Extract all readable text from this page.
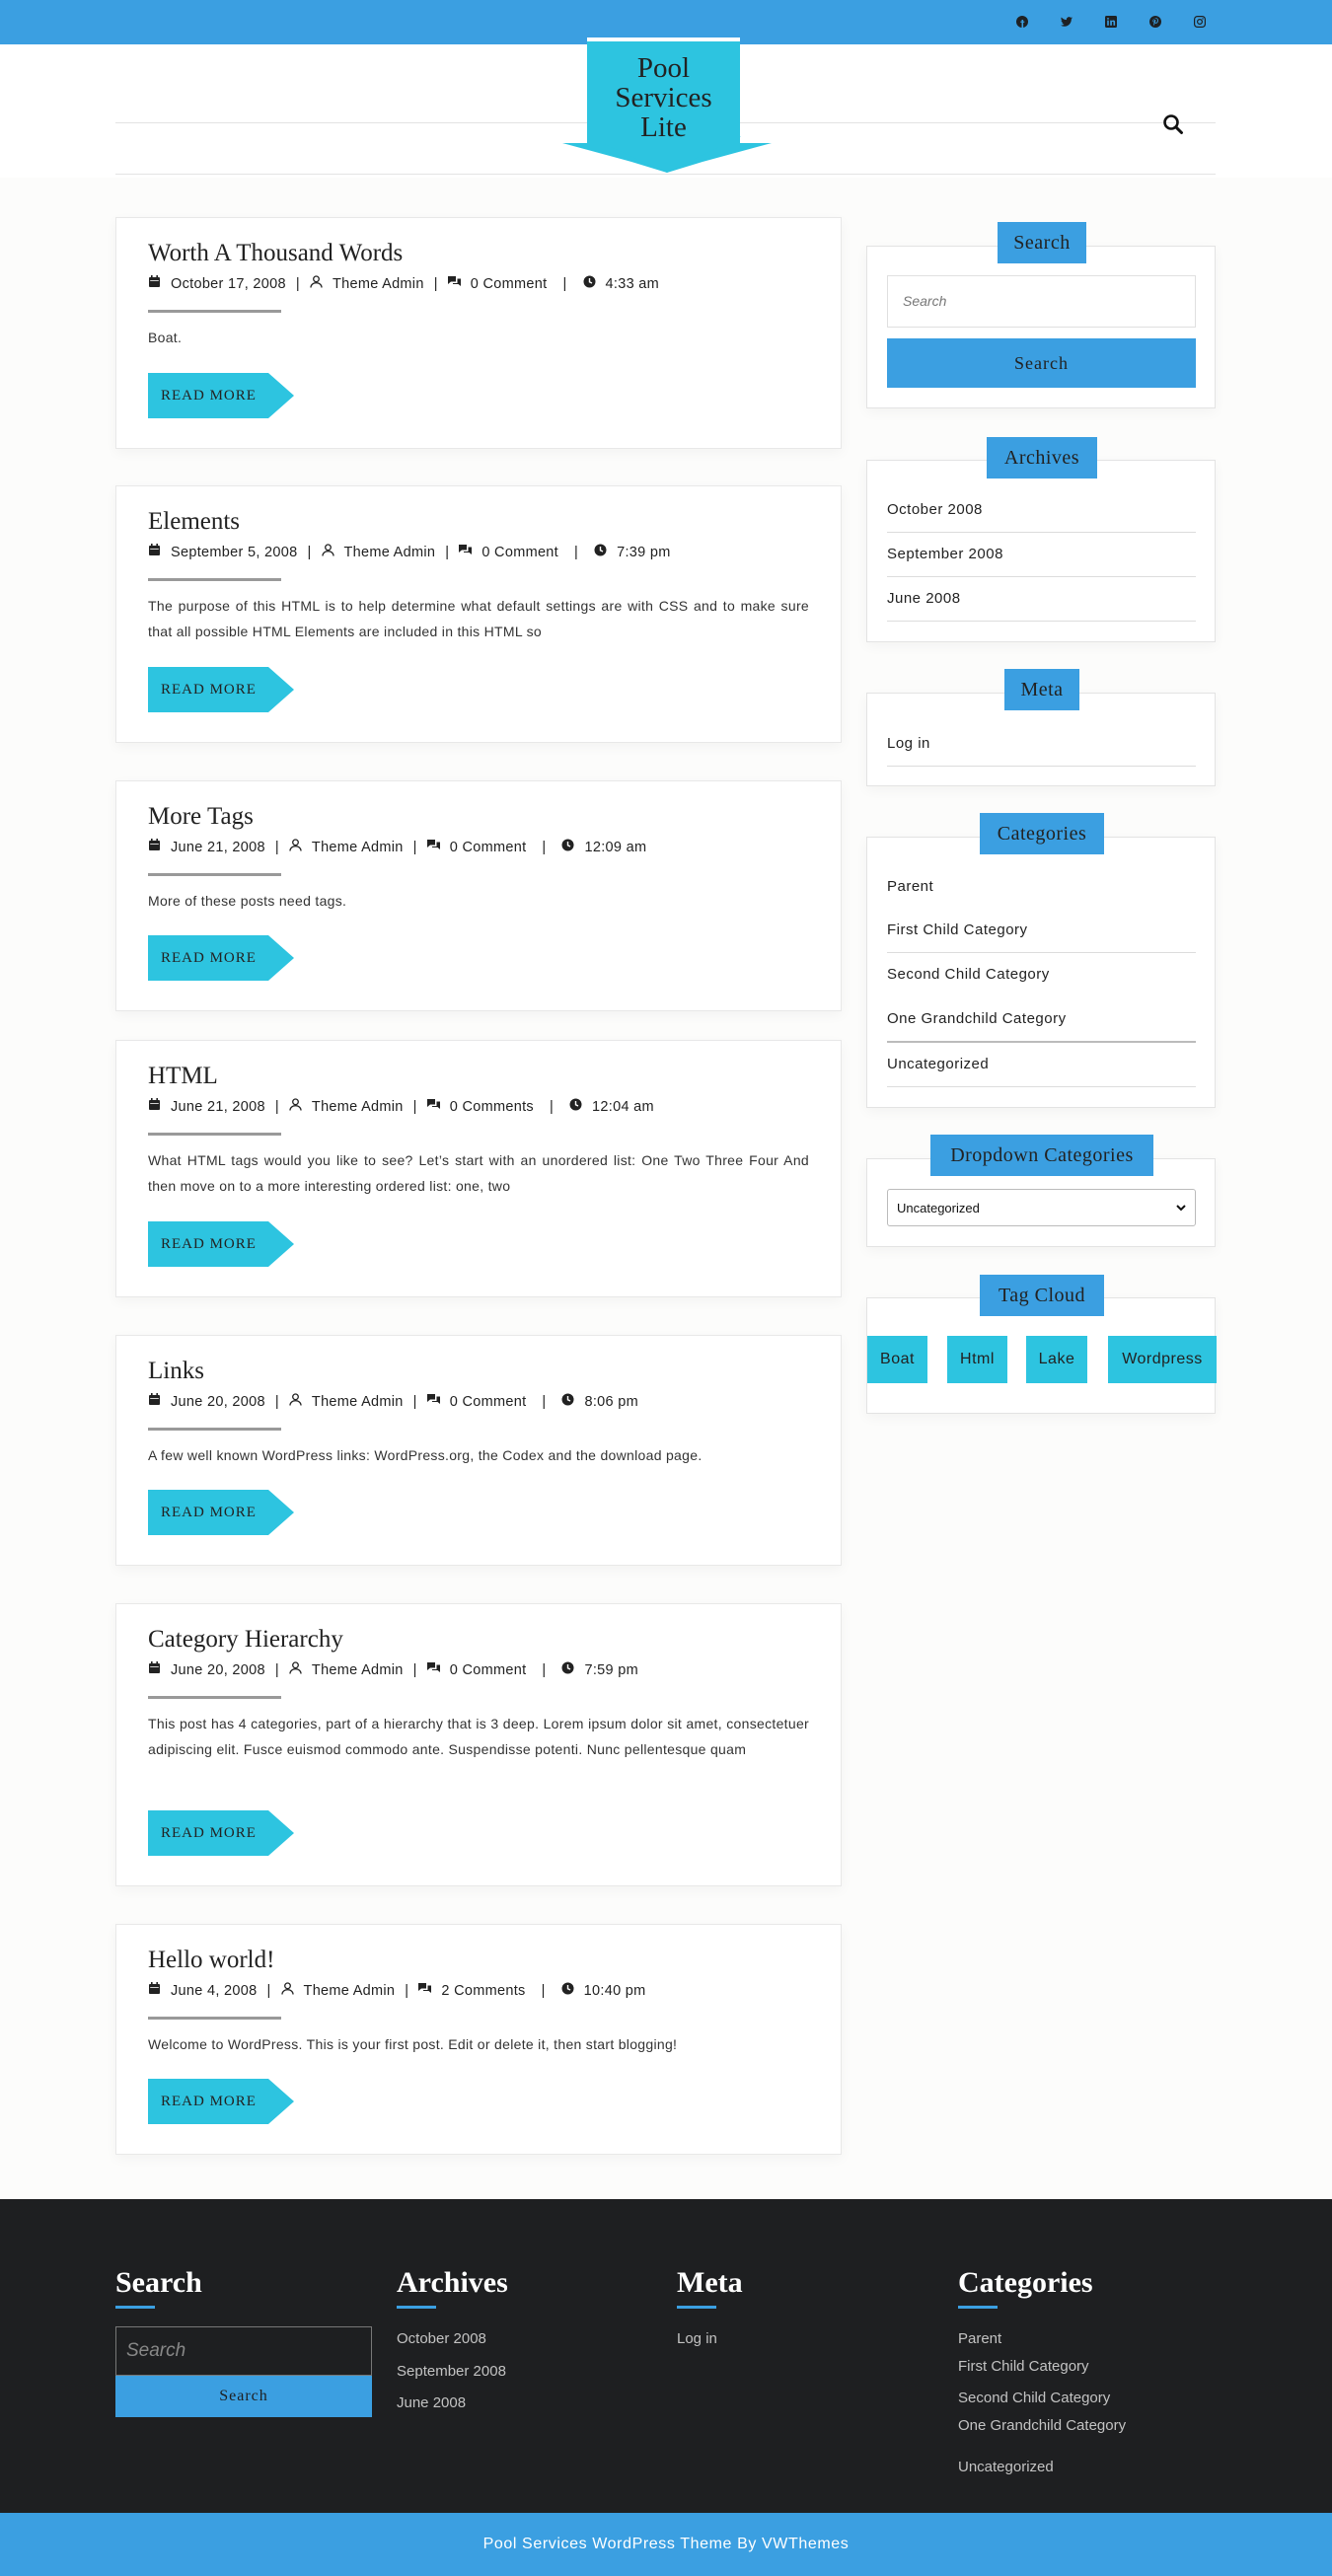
Pool
Services
Lite
Worth A Thousand Words
October 17, 2008 | Theme Admin | 0 Comment |	4:33 am
Boat.
READ MORE
Elements
September 5, 2008 | Theme Admin | 0 Comment |	7:39 pm
The purpose of this HTML is to help determine what default settings are with CSS and to make sure that all possible HTML Elements are included in this HTML so
READ MORE
More Tags
June 21, 2008 | Theme Admin | 0 Comment |	12:09 am
More of these posts need tags.
READ MORE
HTML
June 21, 2008 | Theme Admin | 0 Comments |	12:04 am
What HTML tags would you like to see? Let’s start with an unordered list: One Two Three Four And then move on to a more interesting ordered list: one, two
READ MORE
Links
June 20, 2008 | Theme Admin | 0 Comment |	8:06 pm
A few well known WordPress links: WordPress.org, the Codex and the download page.
READ MORE
Category Hierarchy
June 20, 2008 | Theme Admin | 0 Comment |	7:59 pm
This post has 4 categories, part of a hierarchy that is 3 deep. Lorem ipsum dolor sit amet, consectetuer adipiscing elit. Fusce euismod commodo ante. Suspendisse potenti. Nunc pellentesque quam
READ MORE
Hello world!
June 4, 2008 | Theme Admin | 2 Comments |	10:40 pm
Welcome to WordPress. This is your first post. Edit or delete it, then start blogging!
READ MORE
Search
Search
Search
Archives
October 2008
September 2008
June 2008
Meta
Log in
Categories
Parent
First Child Category
Second Child Category
One Grandchild Category
Uncategorized
Dropdown Categories
Uncategorized
Tag Cloud
Boat	Html	Lake	Wordpress
Search
Search
Search
Archives
October 2008
September 2008
June 2008
Meta
Log in
Categories
Parent
First Child Category
Second Child Category
One Grandchild Category
Uncategorized
Pool Services WordPress Theme By VWThemes
